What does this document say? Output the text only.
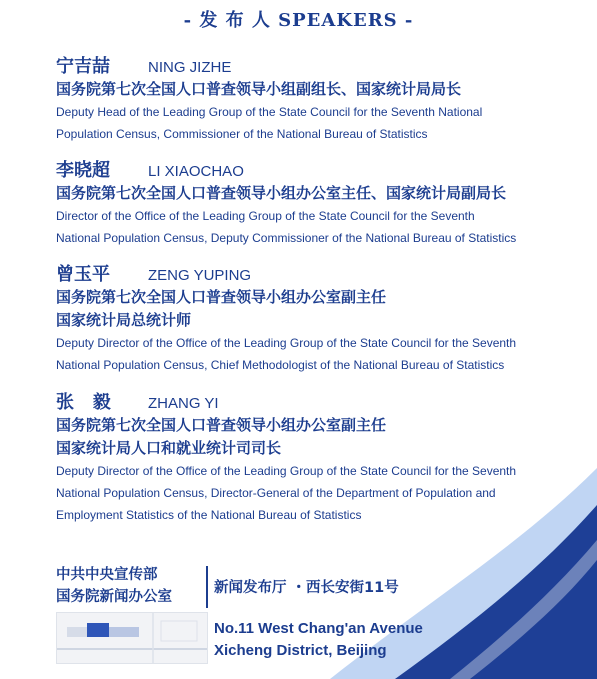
- 发 布 人 SPEAKERS -
宁吉喆	NING JIZHE
国务院第七次全国人口普查领导小组副组长、国家统计局局长
Deputy Head of the Leading Group of the State Council for the Seventh National
Population Census, Commissioner of the National Bureau of Statistics
李晓超	LI XIAOCHAO
国务院第七次全国人口普查领导小组办公室主任、国家统计局副局长
Director of the Office of the Leading Group of the State Council for the Seventh
National Population Census, Deputy Commissioner of the National Bureau of Statistics
曾玉平	ZENG YUPING
国务院第七次全国人口普查领导小组办公室副主任
国家统计局总统计师
Deputy Director of the Office of the Leading Group of the State Council for the Seventh
National Population Census, Chief Methodologist of the National Bureau of Statistics
张   毅	ZHANG YI
国务院第七次全国人口普查领导小组办公室副主任
国家统计局人口和就业统计司司长
Deputy Director of the Office of the Leading Group of the State Council for the Seventh
National Population Census, Director-General of the Department of Population and
Employment Statistics of the National Bureau of Statistics
中共中央宣传部
国务院新闻办公室
新闻发布厅 ・西长安街11号
No.11 West Chang'an Avenue
Xicheng District, Beijing
